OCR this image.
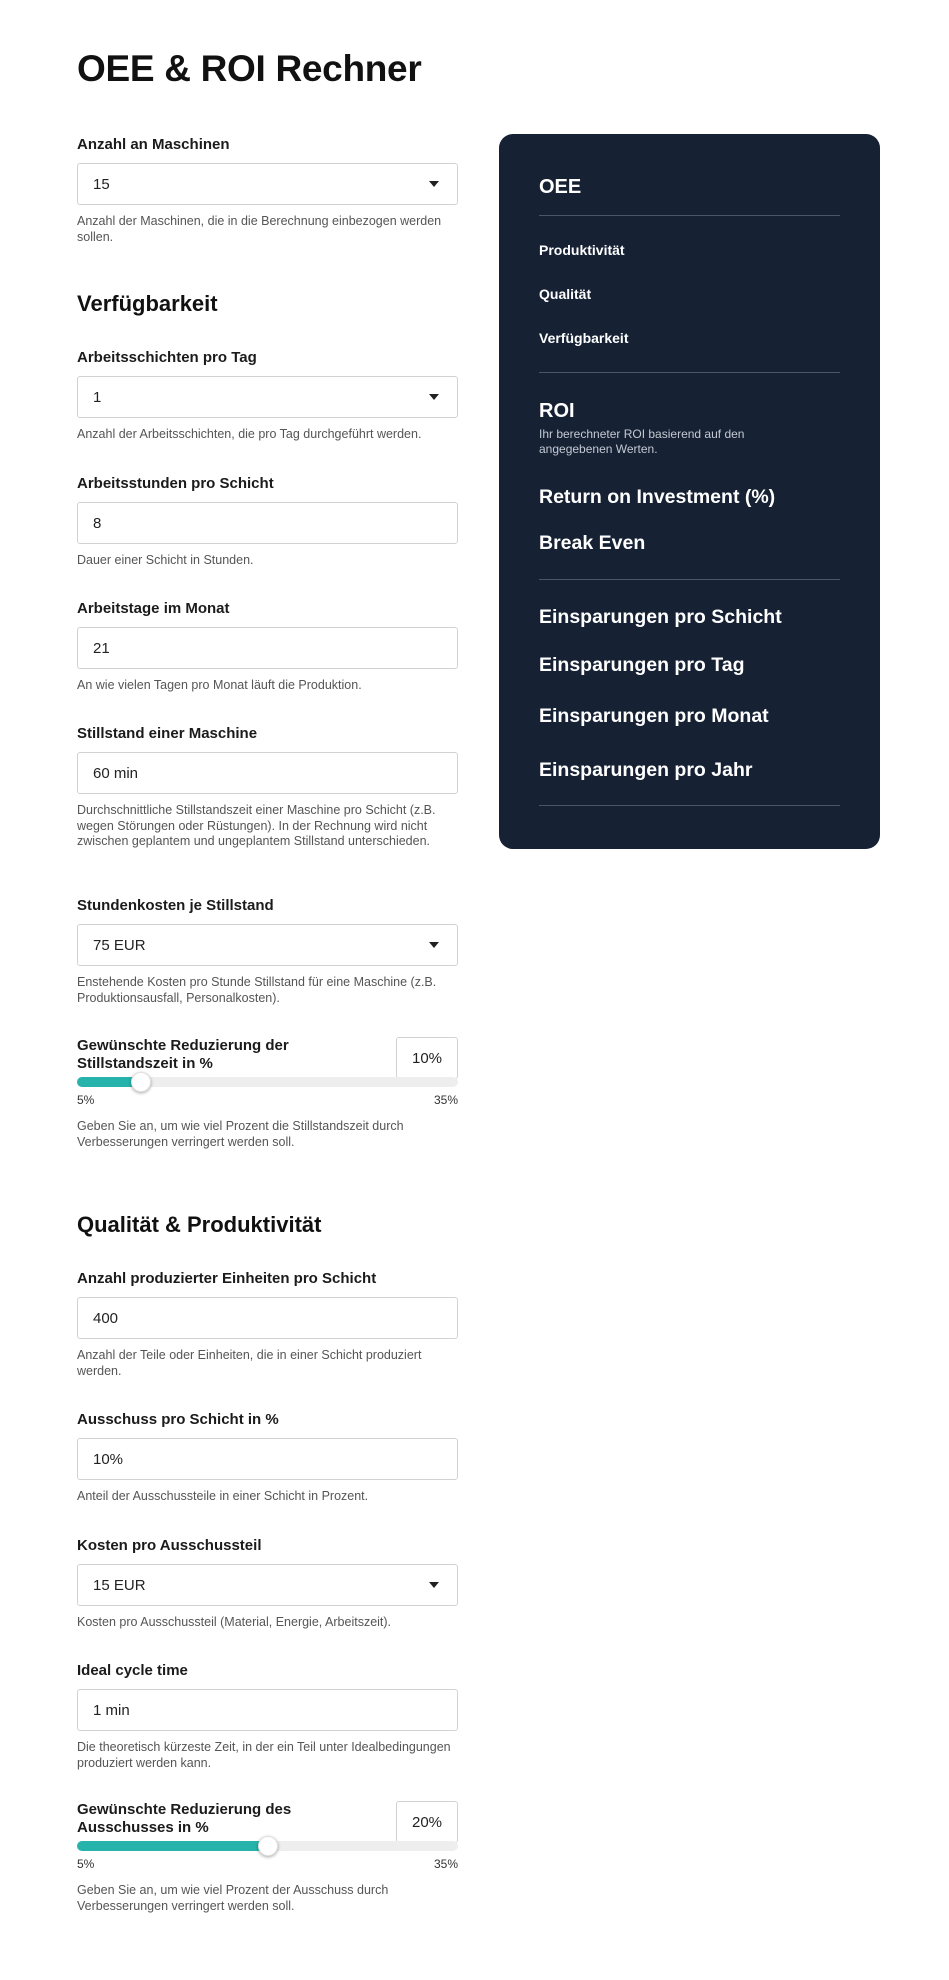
OEE & ROI Rechner
Anzahl an Maschinen
15
Anzahl der Maschinen, die in die Berechnung einbezogen werden sollen.
Verfügbarkeit
Arbeitsschichten pro Tag
1
Anzahl der Arbeitsschichten, die pro Tag durchgeführt werden.
Arbeitsstunden pro Schicht
8
Dauer einer Schicht in Stunden.
Arbeitstage im Monat
21
An wie vielen Tagen pro Monat läuft die Produktion.
Stillstand einer Maschine
60 min
Durchschnittliche Stillstandszeit einer Maschine pro Schicht (z.B. wegen Störungen oder Rüstungen). In der Rechnung wird nicht zwischen geplantem und ungeplantem Stillstand unterschieden.
Stundenkosten je Stillstand
75 EUR
Enstehende Kosten pro Stunde Stillstand für eine Maschine (z.B. Produktionsausfall, Personalkosten).
Gewünschte Reduzierung der Stillstandszeit in %	10%
5%	35%
Geben Sie an, um wie viel Prozent die Stillstandszeit durch Verbesserungen verringert werden soll.
Qualität & Produktivität
Anzahl produzierter Einheiten pro Schicht
400
Anzahl der Teile oder Einheiten, die in einer Schicht produziert werden.
Ausschuss pro Schicht in %
10%
Anteil der Ausschussteile in einer Schicht in Prozent.
Kosten pro Ausschussteil
15 EUR
Kosten pro Ausschussteil (Material, Energie, Arbeitszeit).
Ideal cycle time
1 min
Die theoretisch kürzeste Zeit, in der ein Teil unter Idealbedingungen produziert werden kann.
Gewünschte Reduzierung des Ausschusses in %	20%
5%	35%
Geben Sie an, um wie viel Prozent der Ausschuss durch Verbesserungen verringert werden soll.
OEE
Produktivität
Qualität
Verfügbarkeit
ROI
Ihr berechneter ROI basierend auf den angegebenen Werten.
Return on Investment (%)
Break Even
Einsparungen pro Schicht
Einsparungen pro Tag
Einsparungen pro Monat
Einsparungen pro Jahr
